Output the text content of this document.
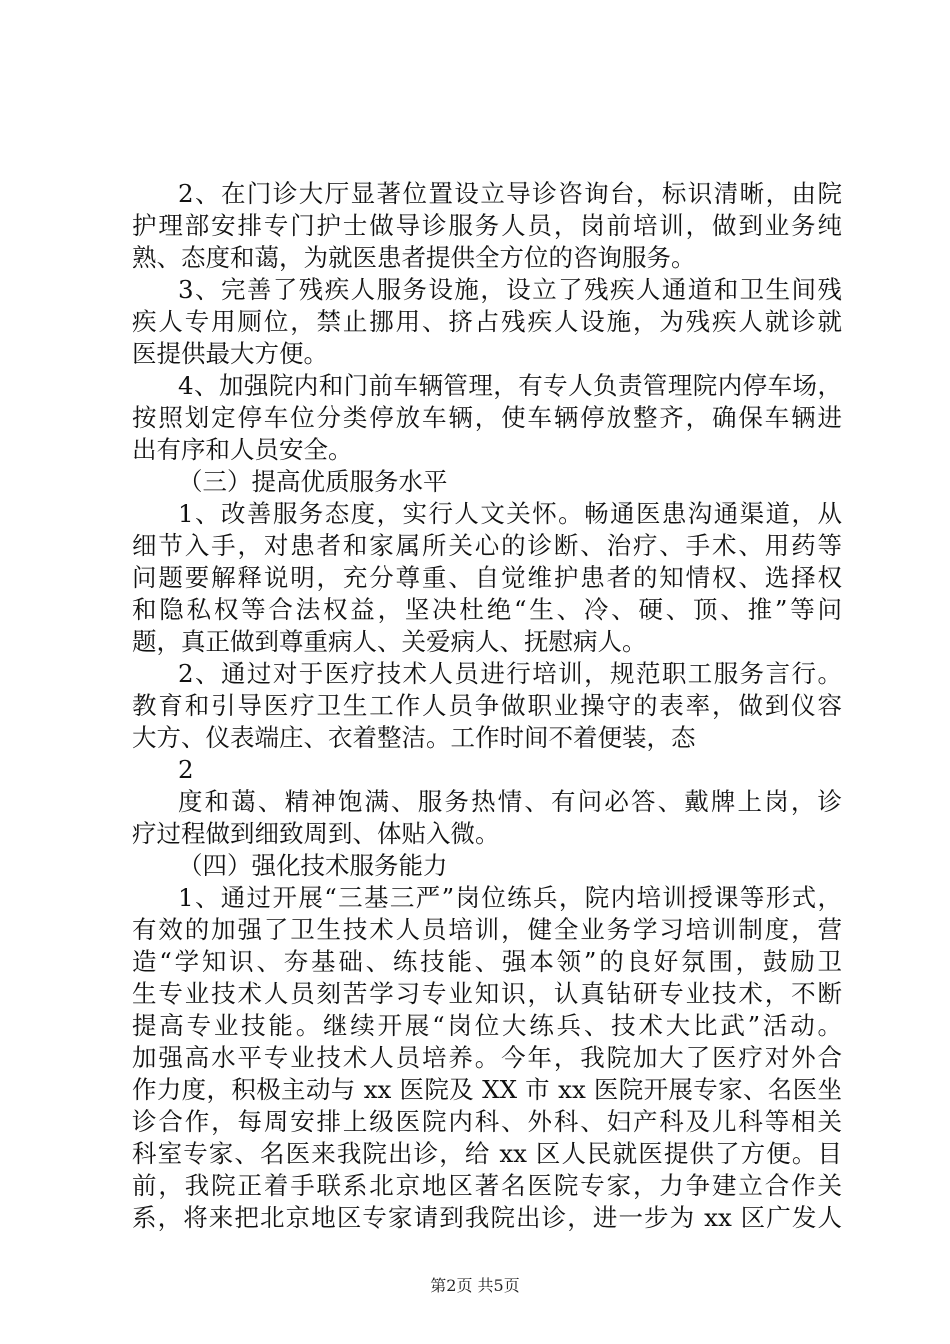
2、在门诊大厅显著位置设立导诊咨询台，标识清晰，由院
护理部安排专门护士做导诊服务人员，岗前培训，做到业务纯
熟、态度和蔼，为就医患者提供全方位的咨询服务。
3、完善了残疾人服务设施，设立了残疾人通道和卫生间残
疾人专用厕位，禁止挪用、挤占残疾人设施，为残疾人就诊就
医提供最大方便。
4、加强院内和门前车辆管理，有专人负责管理院内停车场，
按照划定停车位分类停放车辆，使车辆停放整齐，确保车辆进
出有序和人员安全。
（三）提高优质服务水平
1、改善服务态度，实行人文关怀。畅通医患沟通渠道，从
细节入手，对患者和家属所关心的诊断、治疗、手术、用药等
问题要解释说明，充分尊重、自觉维护患者的知情权、选择权
和隐私权等合法权益，坚决杜绝“生、冷、硬、顶、推”等问
题，真正做到尊重病人、关爱病人、抚慰病人。
2、通过对于医疗技术人员进行培训，规范职工服务言行。
教育和引导医疗卫生工作人员争做职业操守的表率，做到仪容
大方、仪表端庄、衣着整洁。工作时间不着便装，态
2
度和蔼、精神饱满、服务热情、有问必答、戴牌上岗，诊
疗过程做到细致周到、体贴入微。
（四）强化技术服务能力
1、通过开展“三基三严”岗位练兵，院内培训授课等形式，
有效的加强了卫生技术人员培训，健全业务学习培训制度，营
造“学知识、夯基础、练技能、强本领”的良好氛围，鼓励卫
生专业技术人员刻苦学习专业知识，认真钻研专业技术，不断
提高专业技能。继续开展“岗位大练兵、技术大比武”活动。
加强高水平专业技术人员培养。今年，我院加大了医疗对外合
作力度，积极主动与 xx 医院及 XX 市 xx 医院开展专家、名医坐
诊合作，每周安排上级医院内科、外科、妇产科及儿科等相关
科室专家、名医来我院出诊，给 xx 区人民就医提供了方便。目
前，我院正着手联系北京地区著名医院专家，力争建立合作关
系，将来把北京地区专家请到我院出诊，进一步为 xx 区广发人
第2页 共5页
